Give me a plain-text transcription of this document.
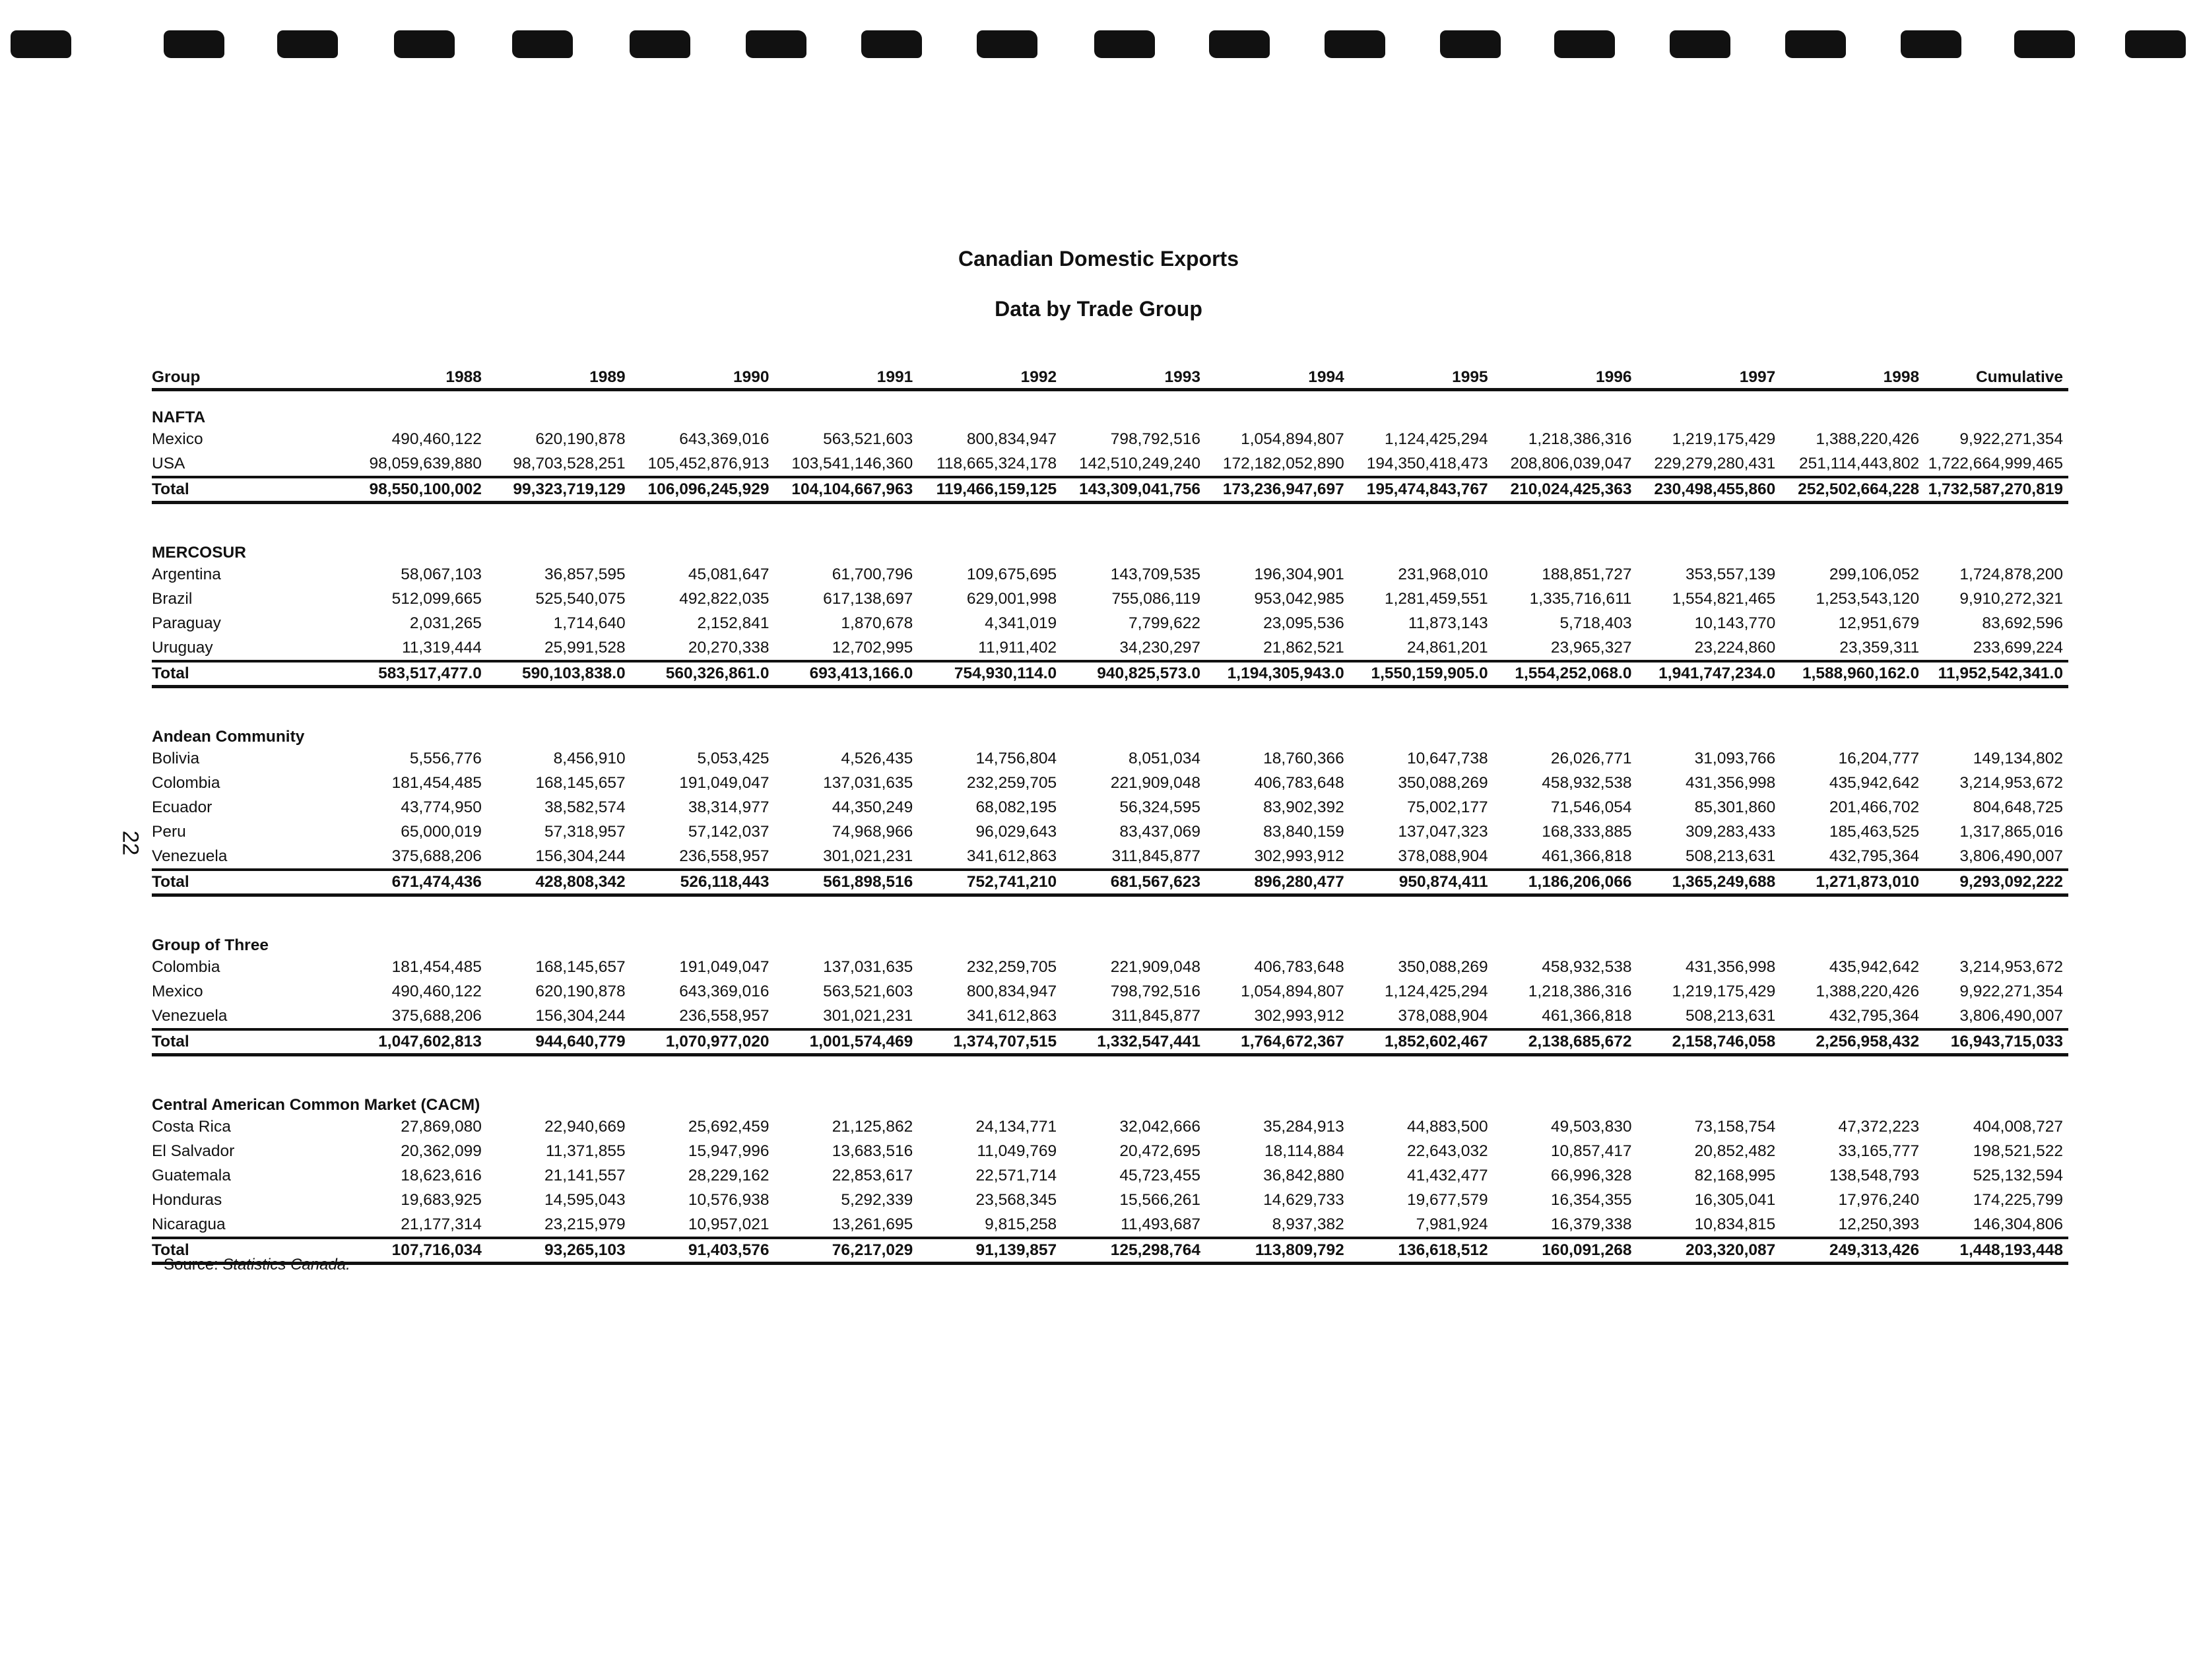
22
Canadian Domestic Exports
Data by Trade Group
Group	1988	1989	1990	1991	1992	1993	1994	1995	1996	1997	1998	Cumulative
NAFTA												
Mexico	490,460,122	620,190,878	643,369,016	563,521,603	800,834,947	798,792,516	1,054,894,807	1,124,425,294	1,218,386,316	1,219,175,429	1,388,220,426	9,922,271,354
USA	98,059,639,880	98,703,528,251	105,452,876,913	103,541,146,360	118,665,324,178	142,510,249,240	172,182,052,890	194,350,418,473	208,806,039,047	229,279,280,431	251,114,443,802	1,722,664,999,465
Total	98,550,100,002	99,323,719,129	106,096,245,929	104,104,667,963	119,466,159,125	143,309,041,756	173,236,947,697	195,474,843,767	210,024,425,363	230,498,455,860	252,502,664,228	1,732,587,270,819

MERCOSUR												
Argentina	58,067,103	36,857,595	45,081,647	61,700,796	109,675,695	143,709,535	196,304,901	231,968,010	188,851,727	353,557,139	299,106,052	1,724,878,200
Brazil	512,099,665	525,540,075	492,822,035	617,138,697	629,001,998	755,086,119	953,042,985	1,281,459,551	1,335,716,611	1,554,821,465	1,253,543,120	9,910,272,321
Paraguay	2,031,265	1,714,640	2,152,841	1,870,678	4,341,019	7,799,622	23,095,536	11,873,143	5,718,403	10,143,770	12,951,679	83,692,596
Uruguay	11,319,444	25,991,528	20,270,338	12,702,995	11,911,402	34,230,297	21,862,521	24,861,201	23,965,327	23,224,860	23,359,311	233,699,224
Total	583,517,477.0	590,103,838.0	560,326,861.0	693,413,166.0	754,930,114.0	940,825,573.0	1,194,305,943.0	1,550,159,905.0	1,554,252,068.0	1,941,747,234.0	1,588,960,162.0	11,952,542,341.0

Andean Community												
Bolivia	5,556,776	8,456,910	5,053,425	4,526,435	14,756,804	8,051,034	18,760,366	10,647,738	26,026,771	31,093,766	16,204,777	149,134,802
Colombia	181,454,485	168,145,657	191,049,047	137,031,635	232,259,705	221,909,048	406,783,648	350,088,269	458,932,538	431,356,998	435,942,642	3,214,953,672
Ecuador	43,774,950	38,582,574	38,314,977	44,350,249	68,082,195	56,324,595	83,902,392	75,002,177	71,546,054	85,301,860	201,466,702	804,648,725
Peru	65,000,019	57,318,957	57,142,037	74,968,966	96,029,643	83,437,069	83,840,159	137,047,323	168,333,885	309,283,433	185,463,525	1,317,865,016
Venezuela	375,688,206	156,304,244	236,558,957	301,021,231	341,612,863	311,845,877	302,993,912	378,088,904	461,366,818	508,213,631	432,795,364	3,806,490,007
Total	671,474,436	428,808,342	526,118,443	561,898,516	752,741,210	681,567,623	896,280,477	950,874,411	1,186,206,066	1,365,249,688	1,271,873,010	9,293,092,222

Group of Three												
Colombia	181,454,485	168,145,657	191,049,047	137,031,635	232,259,705	221,909,048	406,783,648	350,088,269	458,932,538	431,356,998	435,942,642	3,214,953,672
Mexico	490,460,122	620,190,878	643,369,016	563,521,603	800,834,947	798,792,516	1,054,894,807	1,124,425,294	1,218,386,316	1,219,175,429	1,388,220,426	9,922,271,354
Venezuela	375,688,206	156,304,244	236,558,957	301,021,231	341,612,863	311,845,877	302,993,912	378,088,904	461,366,818	508,213,631	432,795,364	3,806,490,007
Total	1,047,602,813	944,640,779	1,070,977,020	1,001,574,469	1,374,707,515	1,332,547,441	1,764,672,367	1,852,602,467	2,138,685,672	2,158,746,058	2,256,958,432	16,943,715,033

Central American Common Market (CACM)												
Costa Rica	27,869,080	22,940,669	25,692,459	21,125,862	24,134,771	32,042,666	35,284,913	44,883,500	49,503,830	73,158,754	47,372,223	404,008,727
El Salvador	20,362,099	11,371,855	15,947,996	13,683,516	11,049,769	20,472,695	18,114,884	22,643,032	10,857,417	20,852,482	33,165,777	198,521,522
Guatemala	18,623,616	21,141,557	28,229,162	22,853,617	22,571,714	45,723,455	36,842,880	41,432,477	66,996,328	82,168,995	138,548,793	525,132,594
Honduras	19,683,925	14,595,043	10,576,938	5,292,339	23,568,345	15,566,261	14,629,733	19,677,579	16,354,355	16,305,041	17,976,240	174,225,799
Nicaragua	21,177,314	23,215,979	10,957,021	13,261,695	9,815,258	11,493,687	8,937,382	7,981,924	16,379,338	10,834,815	12,250,393	146,304,806
Total	107,716,034	93,265,103	91,403,576	76,217,029	91,139,857	125,298,764	113,809,792	136,618,512	160,091,268	203,320,087	249,313,426	1,448,193,448
Source: Statistics Canada.
